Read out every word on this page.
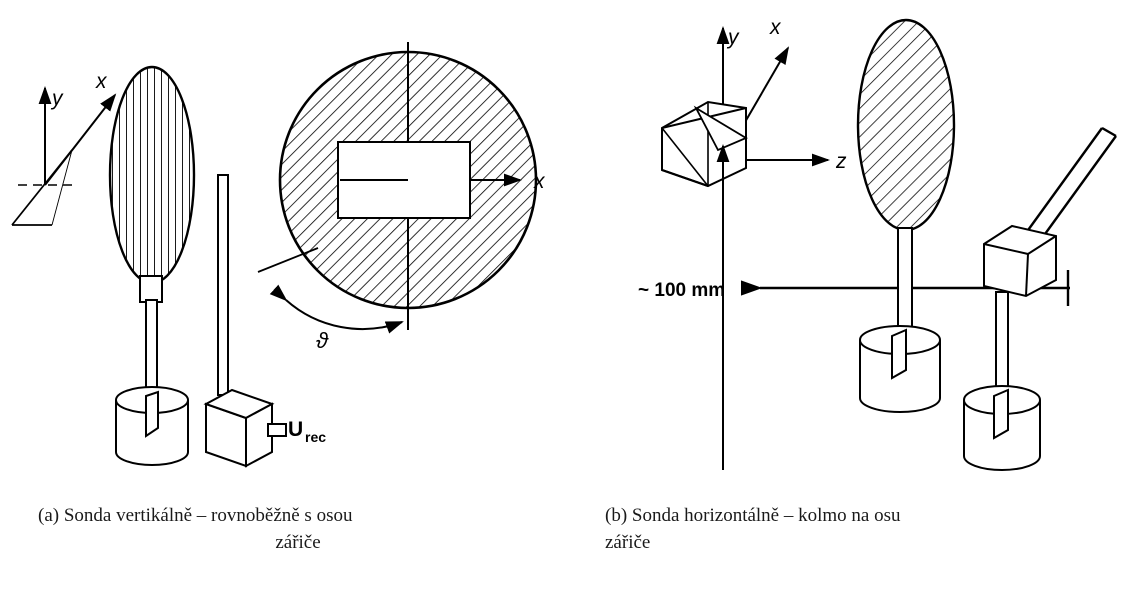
y
x
U rec
x
ϑ
y x
z
~ 100 mm
(a) Sonda vertikálně – rovnoběžně s osou
zářiče
(b) Sonda horizontálně – kolmo na osu
zářiče
